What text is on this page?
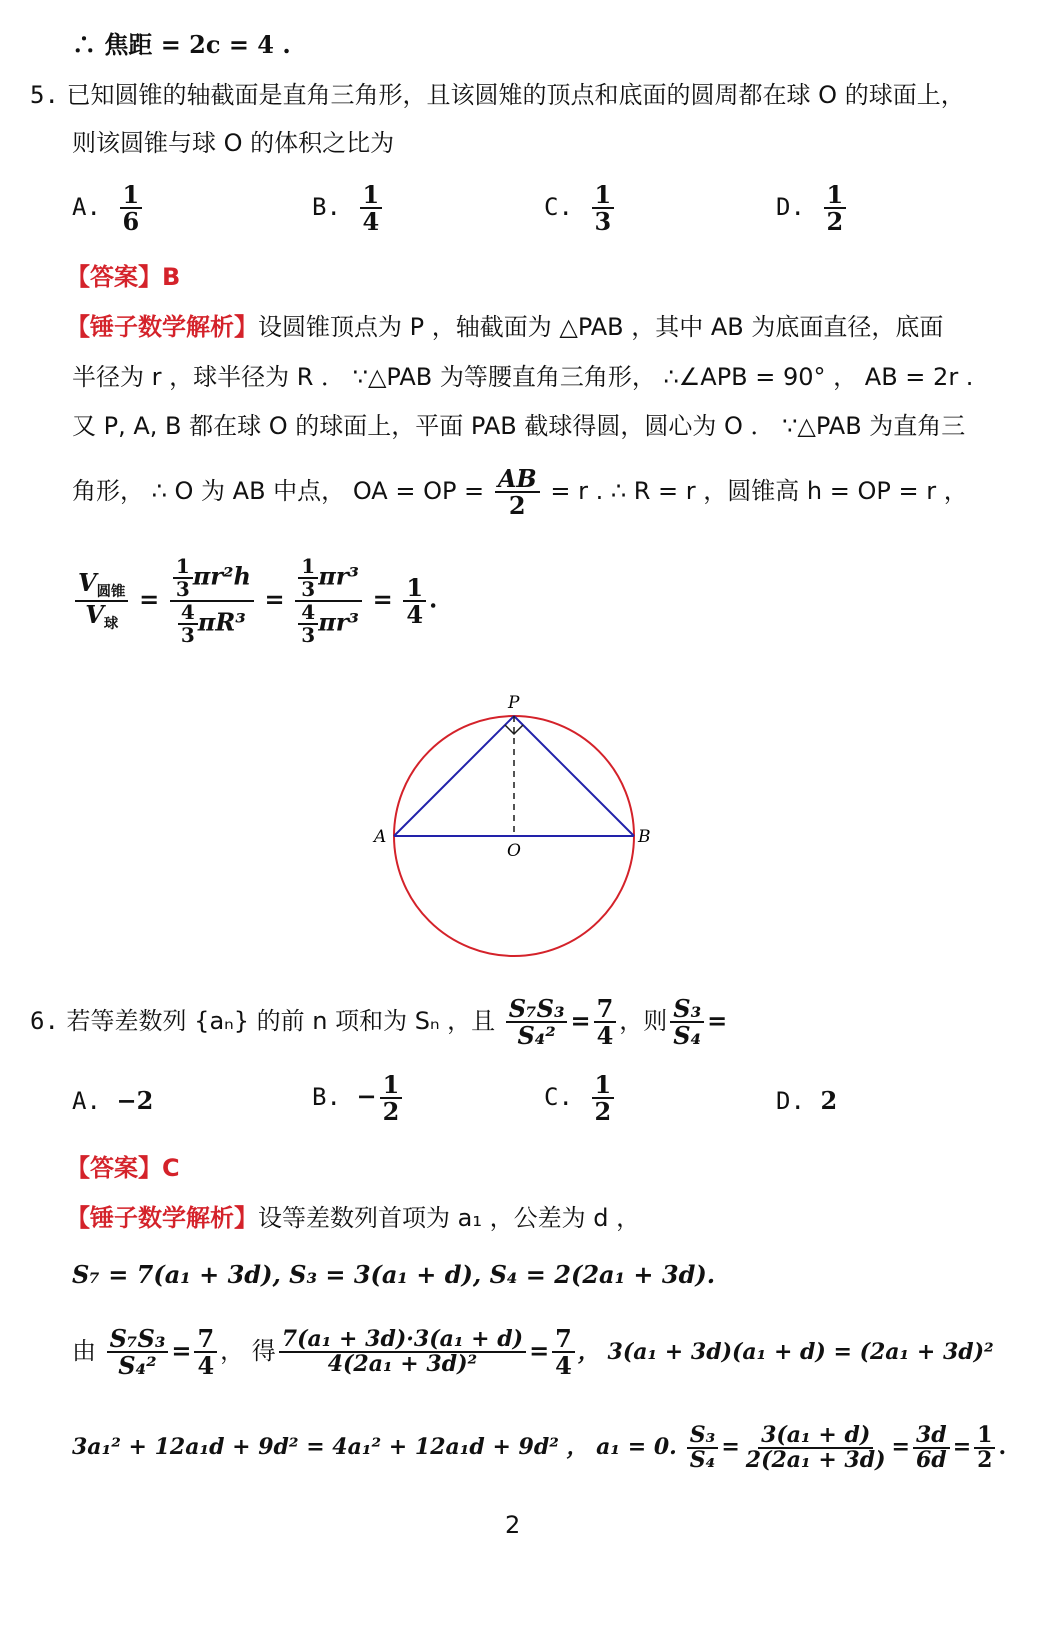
∴ 焦距 = 2c = 4 .
5. 已知圆锥的轴截面是直角三角形，且该圆雉的顶点和底面的圆周都在球 O 的球面上，
则该圆锥与球 O 的体积之比为
A. $\frac{1}{6}$	B. $\frac{1}{4}$	C. $\frac{1}{3}$	D. $\frac{1}{2}$
【答案】B
【锤子数学解析】设圆锥顶点为 P ，轴截面为 △PAB ，其中 AB 为底面直径，底面
半径为 r ，球半径为 R ． ∵△PAB 为等腰直角三角形， ∴∠APB = 90° ， AB = 2r .
又 P, A, B 都在球 O 的球面上，平面 PAB 截球得圆，圆心为 O ． ∵△PAB 为直角三
角形， ∴ O 为 AB 中点， OA = OP = $\frac{AB}{2} = r$ . ∴ R = r ，圆锥高 h = OP = r ，
$\frac{V_{圆锥}}{V_球} = \frac{\frac{1}{3} \pi r^2h}{\frac{4}{3} \pi R^3} = \frac{\frac{1}{3} \pi r^3}{\frac{4}{3} \pi r^3} = \frac{1}{4}$ .
P
A	B
O
6. 若等差数列 {aₙ} 的前 n 项和为 Sₙ ，且 $\frac{\text{S₇S₃}}{\text{S₄²}} = \frac{7}{4}$ ，则 $\frac{\text{S₃}}{\text{S₄}}$ =
A. −2	B. − $\frac{1}{2}$	C. $\frac{1}{2}$	D. 2
【答案】C
【锤子数学解析】设等差数列首项为 a₁ ，公差为 d ，
S₇ = 7(a₁ + 3d), S₃ = 3(a₁ + d), S₄ = 2(2a₁ + 3d).
由 $\frac{\text{S₇S₃}}{\text{S₄²}} = \frac{7}{4}$ ， 得 $\frac{\text{7(a₁ + 3d)·3(a₁ + d)}}{\text{4(2a₁ + 3d)²}} = \frac{7}{4}$ ， 3(a₁ + 3d)(a₁ + d) = (2a₁ + 3d)²
3a₁² + 12a₁d + 9d² = 4a₁² + 12a₁d + 9d² ， a₁ = 0. $\frac{\text{S₃}}{\text{S₄}} = \frac{\text{3(a₁ + d)}}{\text{2(2a₁ + 3d)}} = \frac{3d}{6d} = \frac{1}{2}$ .
2
